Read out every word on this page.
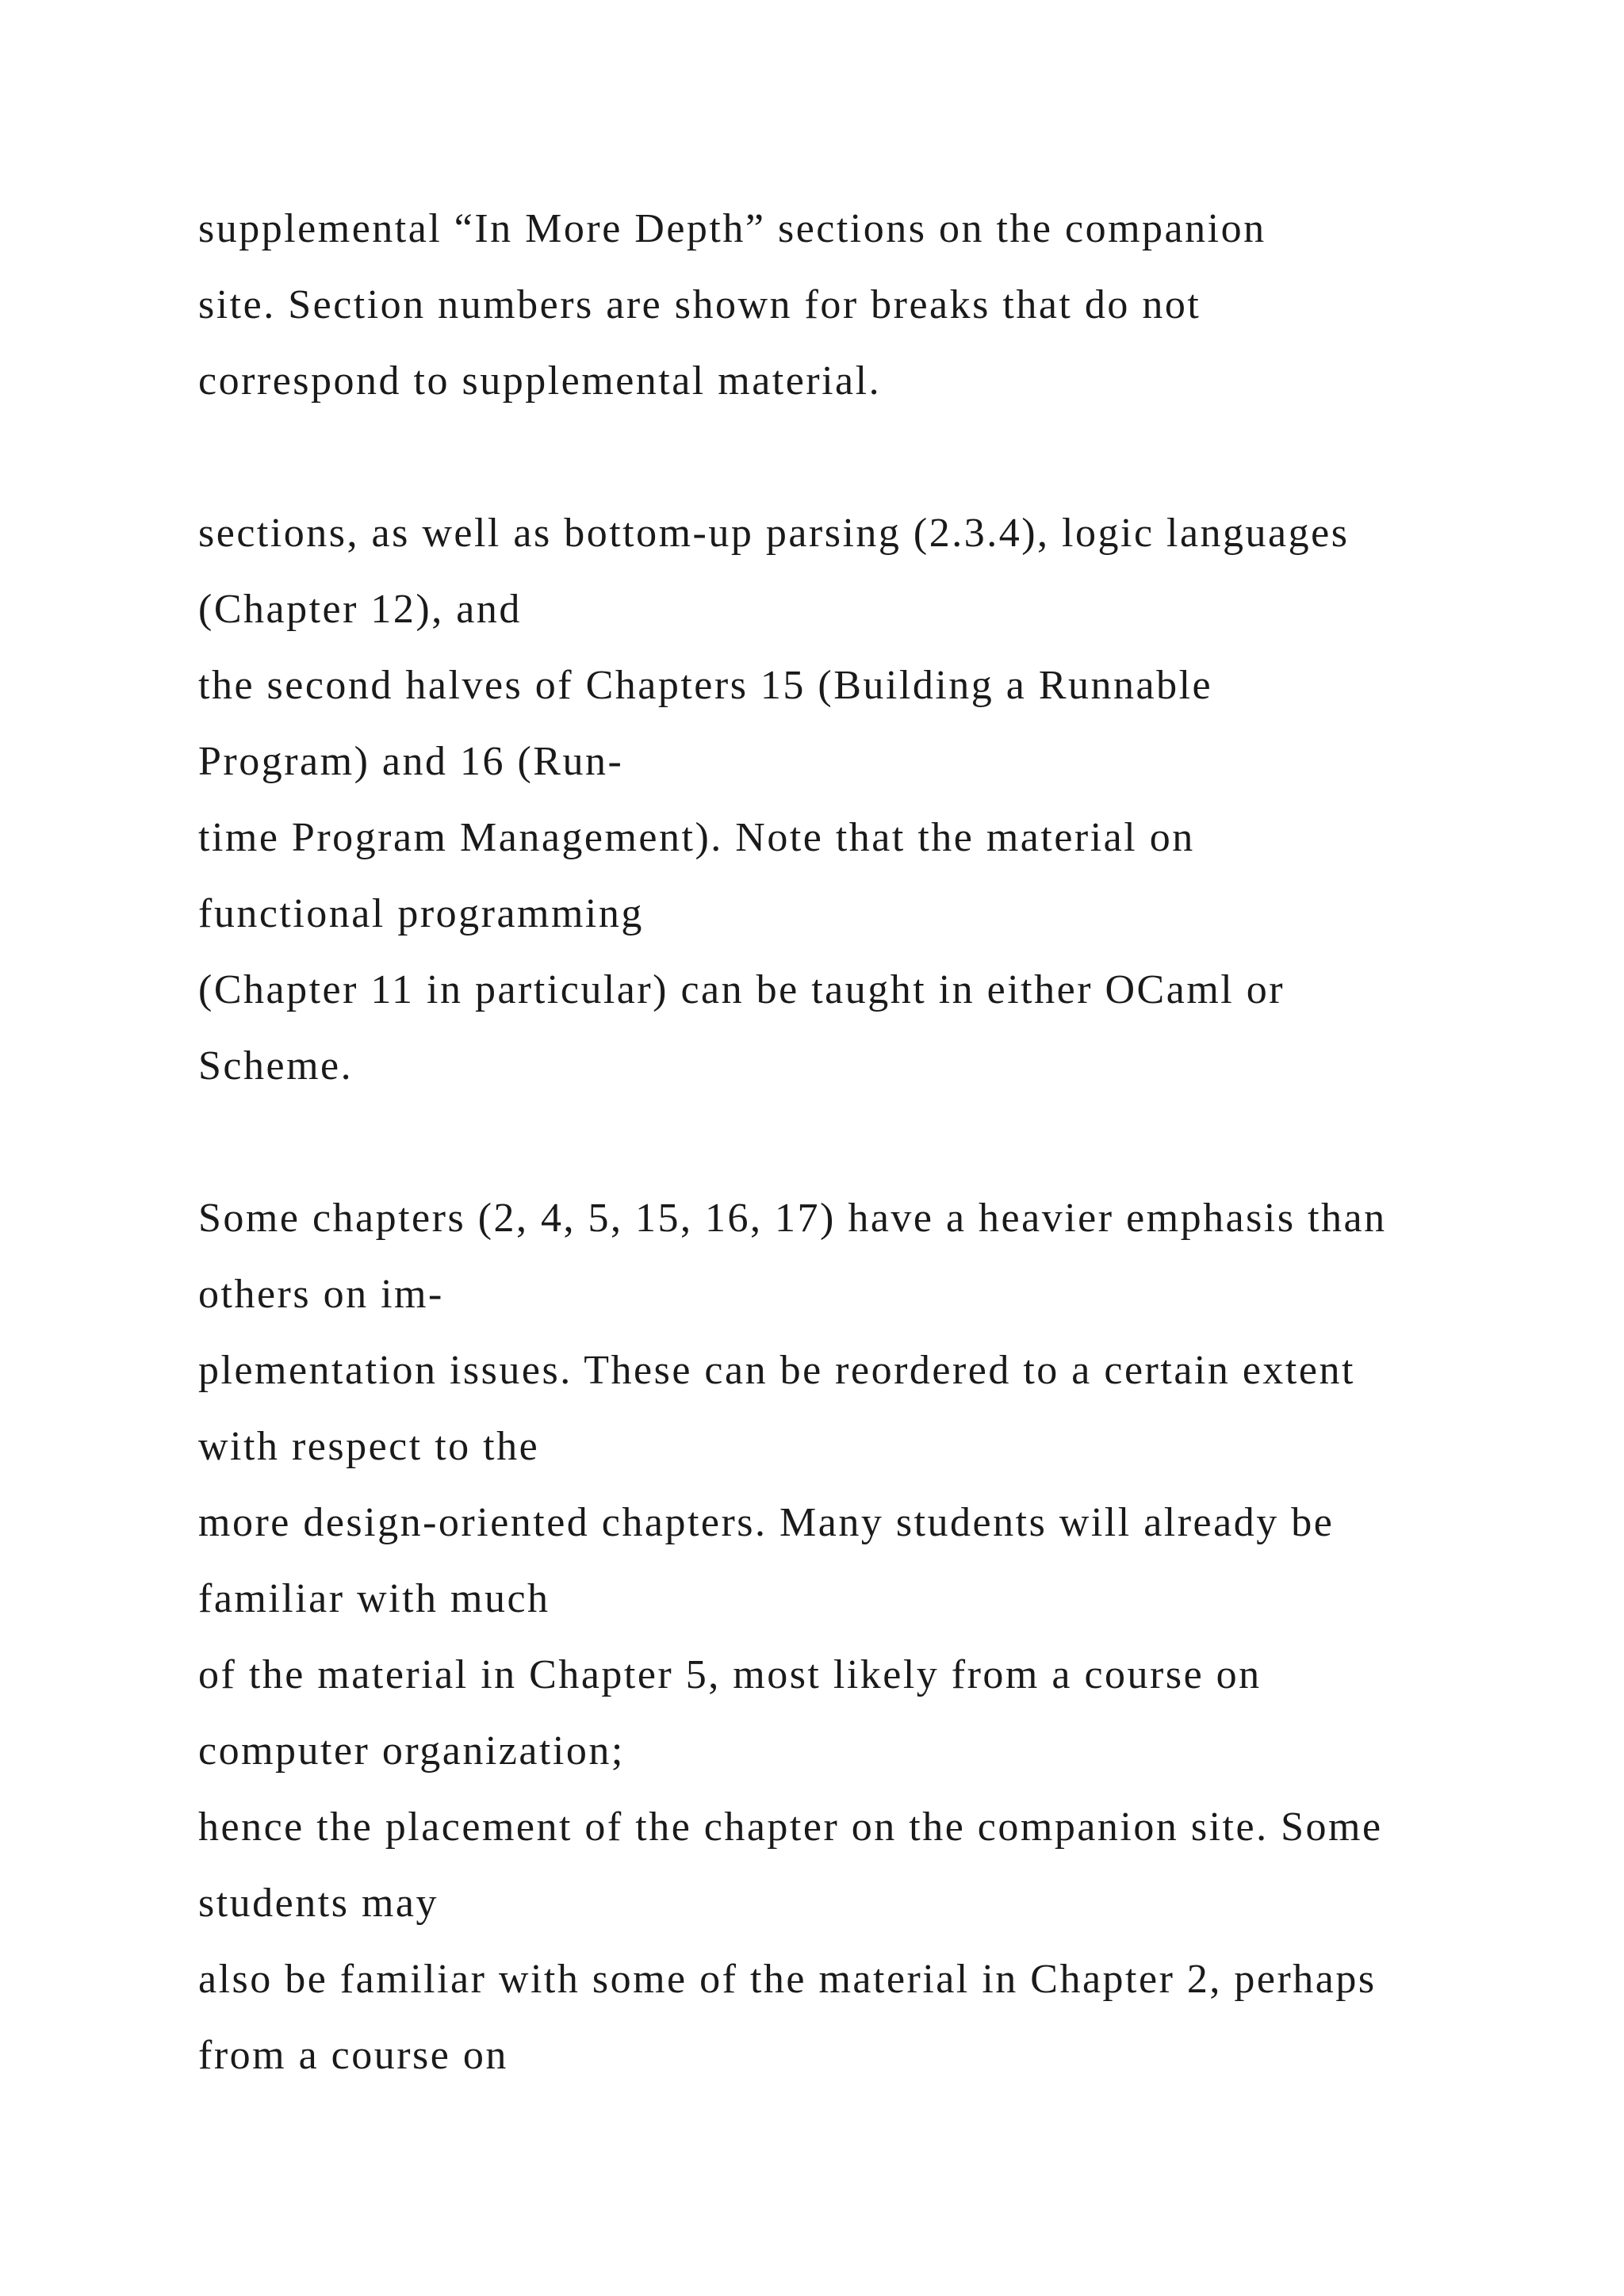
supplemental “In More Depth” sections on the companion
site. Section numbers are shown for breaks that do not
correspond to supplemental material.
sections, as well as bottom-up parsing (2.3.4), logic languages
(Chapter 12), and
the second halves of Chapters 15 (Building a Runnable
Program) and 16 (Run-
time Program Management). Note that the material on
functional programming
(Chapter 11 in particular) can be taught in either OCaml or
Scheme.
Some chapters (2, 4, 5, 15, 16, 17) have a heavier emphasis than
others on im-
plementation issues. These can be reordered to a certain extent
with respect to the
more design-oriented chapters. Many students will already be
familiar with much
of the material in Chapter 5, most likely from a course on
computer organization;
hence the placement of the chapter on the companion site. Some
students may
also be familiar with some of the material in Chapter 2, perhaps
from a course on
